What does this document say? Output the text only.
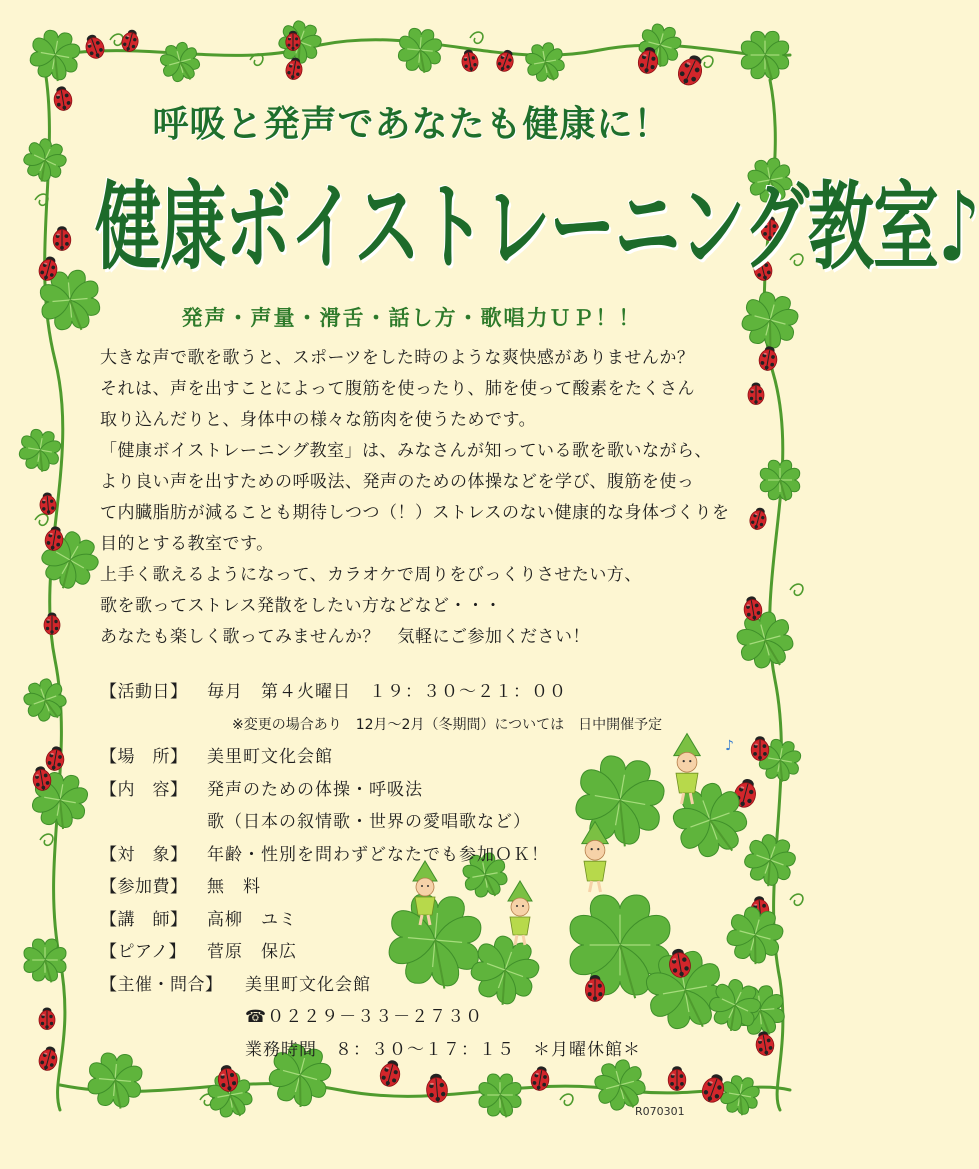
♪
呼吸と発声であなたも健康に！
健康ボイストレーニング教室♪
発声・声量・滑舌・話し方・歌唱力ＵＰ！！
大きな声で歌を歌うと、スポーツをした時のような爽快感がありませんか？
それは、声を出すことによって腹筋を使ったり、肺を使って酸素をたくさん
取り込んだりと、身体中の様々な筋肉を使うためです。
「健康ボイストレーニング教室」は、みなさんが知っている歌を歌いながら、
より良い声を出すための呼吸法、発声のための体操などを学び、腹筋を使っ
て内臓脂肪が減ることも期待しつつ（！）ストレスのない健康的な身体づくりを
目的とする教室です。
上手く歌えるようになって、カラオケで周りをびっくりさせたい方、
歌を歌ってストレス発散をしたい方などなど・・・
あなたも楽しく歌ってみませんか？　気軽にご参加ください！
【活動日】	毎月　第４火曜日　１９：３０～２１：００
※変更の場合あり　12月～2月（冬期間）については　日中開催予定
【場　所】	美里町文化会館
【内　容】	発声のための体操・呼吸法
歌（日本の叙情歌・世界の愛唱歌など）
【対　象】	年齢・性別を問わずどなたでも参加ＯＫ！
【参加費】	無　料
【講　師】	高柳　ユミ
【ピアノ】	菅原　保広
【主催・問合】 美里町文化会館
☎０２２９－３３－２７３０
業務時間　８：３０～１７：１５　＊月曜休館＊
R070301
